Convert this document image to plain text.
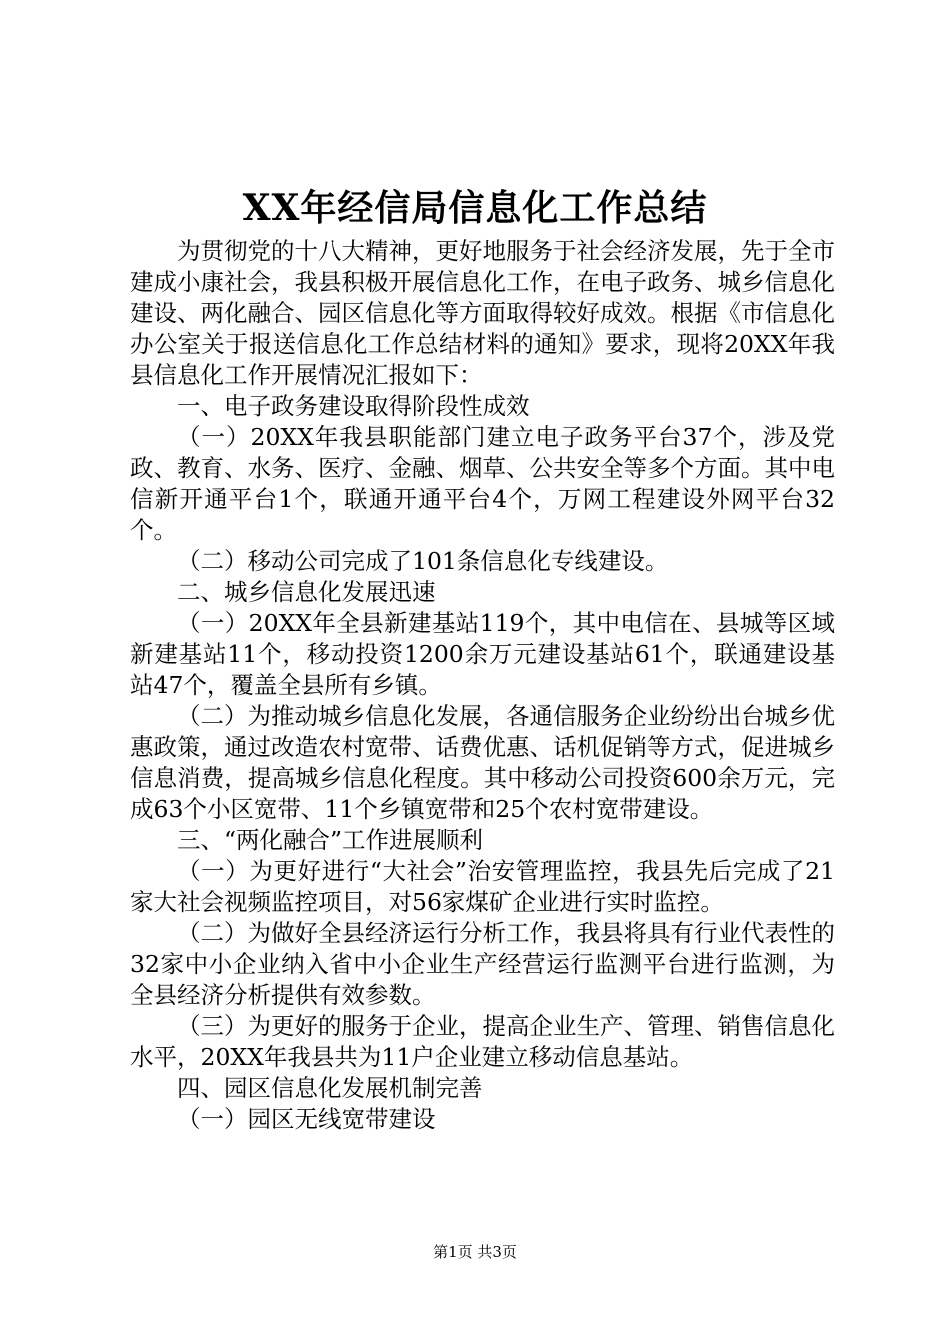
XX年经信局信息化工作总结

为贯彻党的十八大精神，更好地服务于社会经济发展，先于全市建成小康社会，我县积极开展信息化工作，在电子政务、城乡信息化建设、两化融合、园区信息化等方面取得较好成效。根据《市信息化办公室关于报送信息化工作总结材料的通知》要求，现将20XX年我县信息化工作开展情况汇报如下：

一、电子政务建设取得阶段性成效

（一）20XX年我县职能部门建立电子政务平台37个，涉及党政、教育、水务、医疗、金融、烟草、公共安全等多个方面。其中电信新开通平台1个，联通开通平台4个，万网工程建设外网平台32个。

（二）移动公司完成了101条信息化专线建设。

二、城乡信息化发展迅速

（一）20XX年全县新建基站119个，其中电信在、县城等区域新建基站11个，移动投资1200余万元建设基站61个，联通建设基站47个，覆盖全县所有乡镇。

（二）为推动城乡信息化发展，各通信服务企业纷纷出台城乡优惠政策，通过改造农村宽带、话费优惠、话机促销等方式，促进城乡信息消费，提高城乡信息化程度。其中移动公司投资600余万元，完成63个小区宽带、11个乡镇宽带和25个农村宽带建设。

三、“两化融合”工作进展顺利

（一）为更好进行“大社会”治安管理监控，我县先后完成了21家大社会视频监控项目，对56家煤矿企业进行实时监控。

（二）为做好全县经济运行分析工作，我县将具有行业代表性的32家中小企业纳入省中小企业生产经营运行监测平台进行监测，为全县经济分析提供有效参数。

（三）为更好的服务于企业，提高企业生产、管理、销售信息化水平，20XX年我县共为11户企业建立移动信息基站。

四、园区信息化发展机制完善

（一）园区无线宽带建设

第1页 共3页
